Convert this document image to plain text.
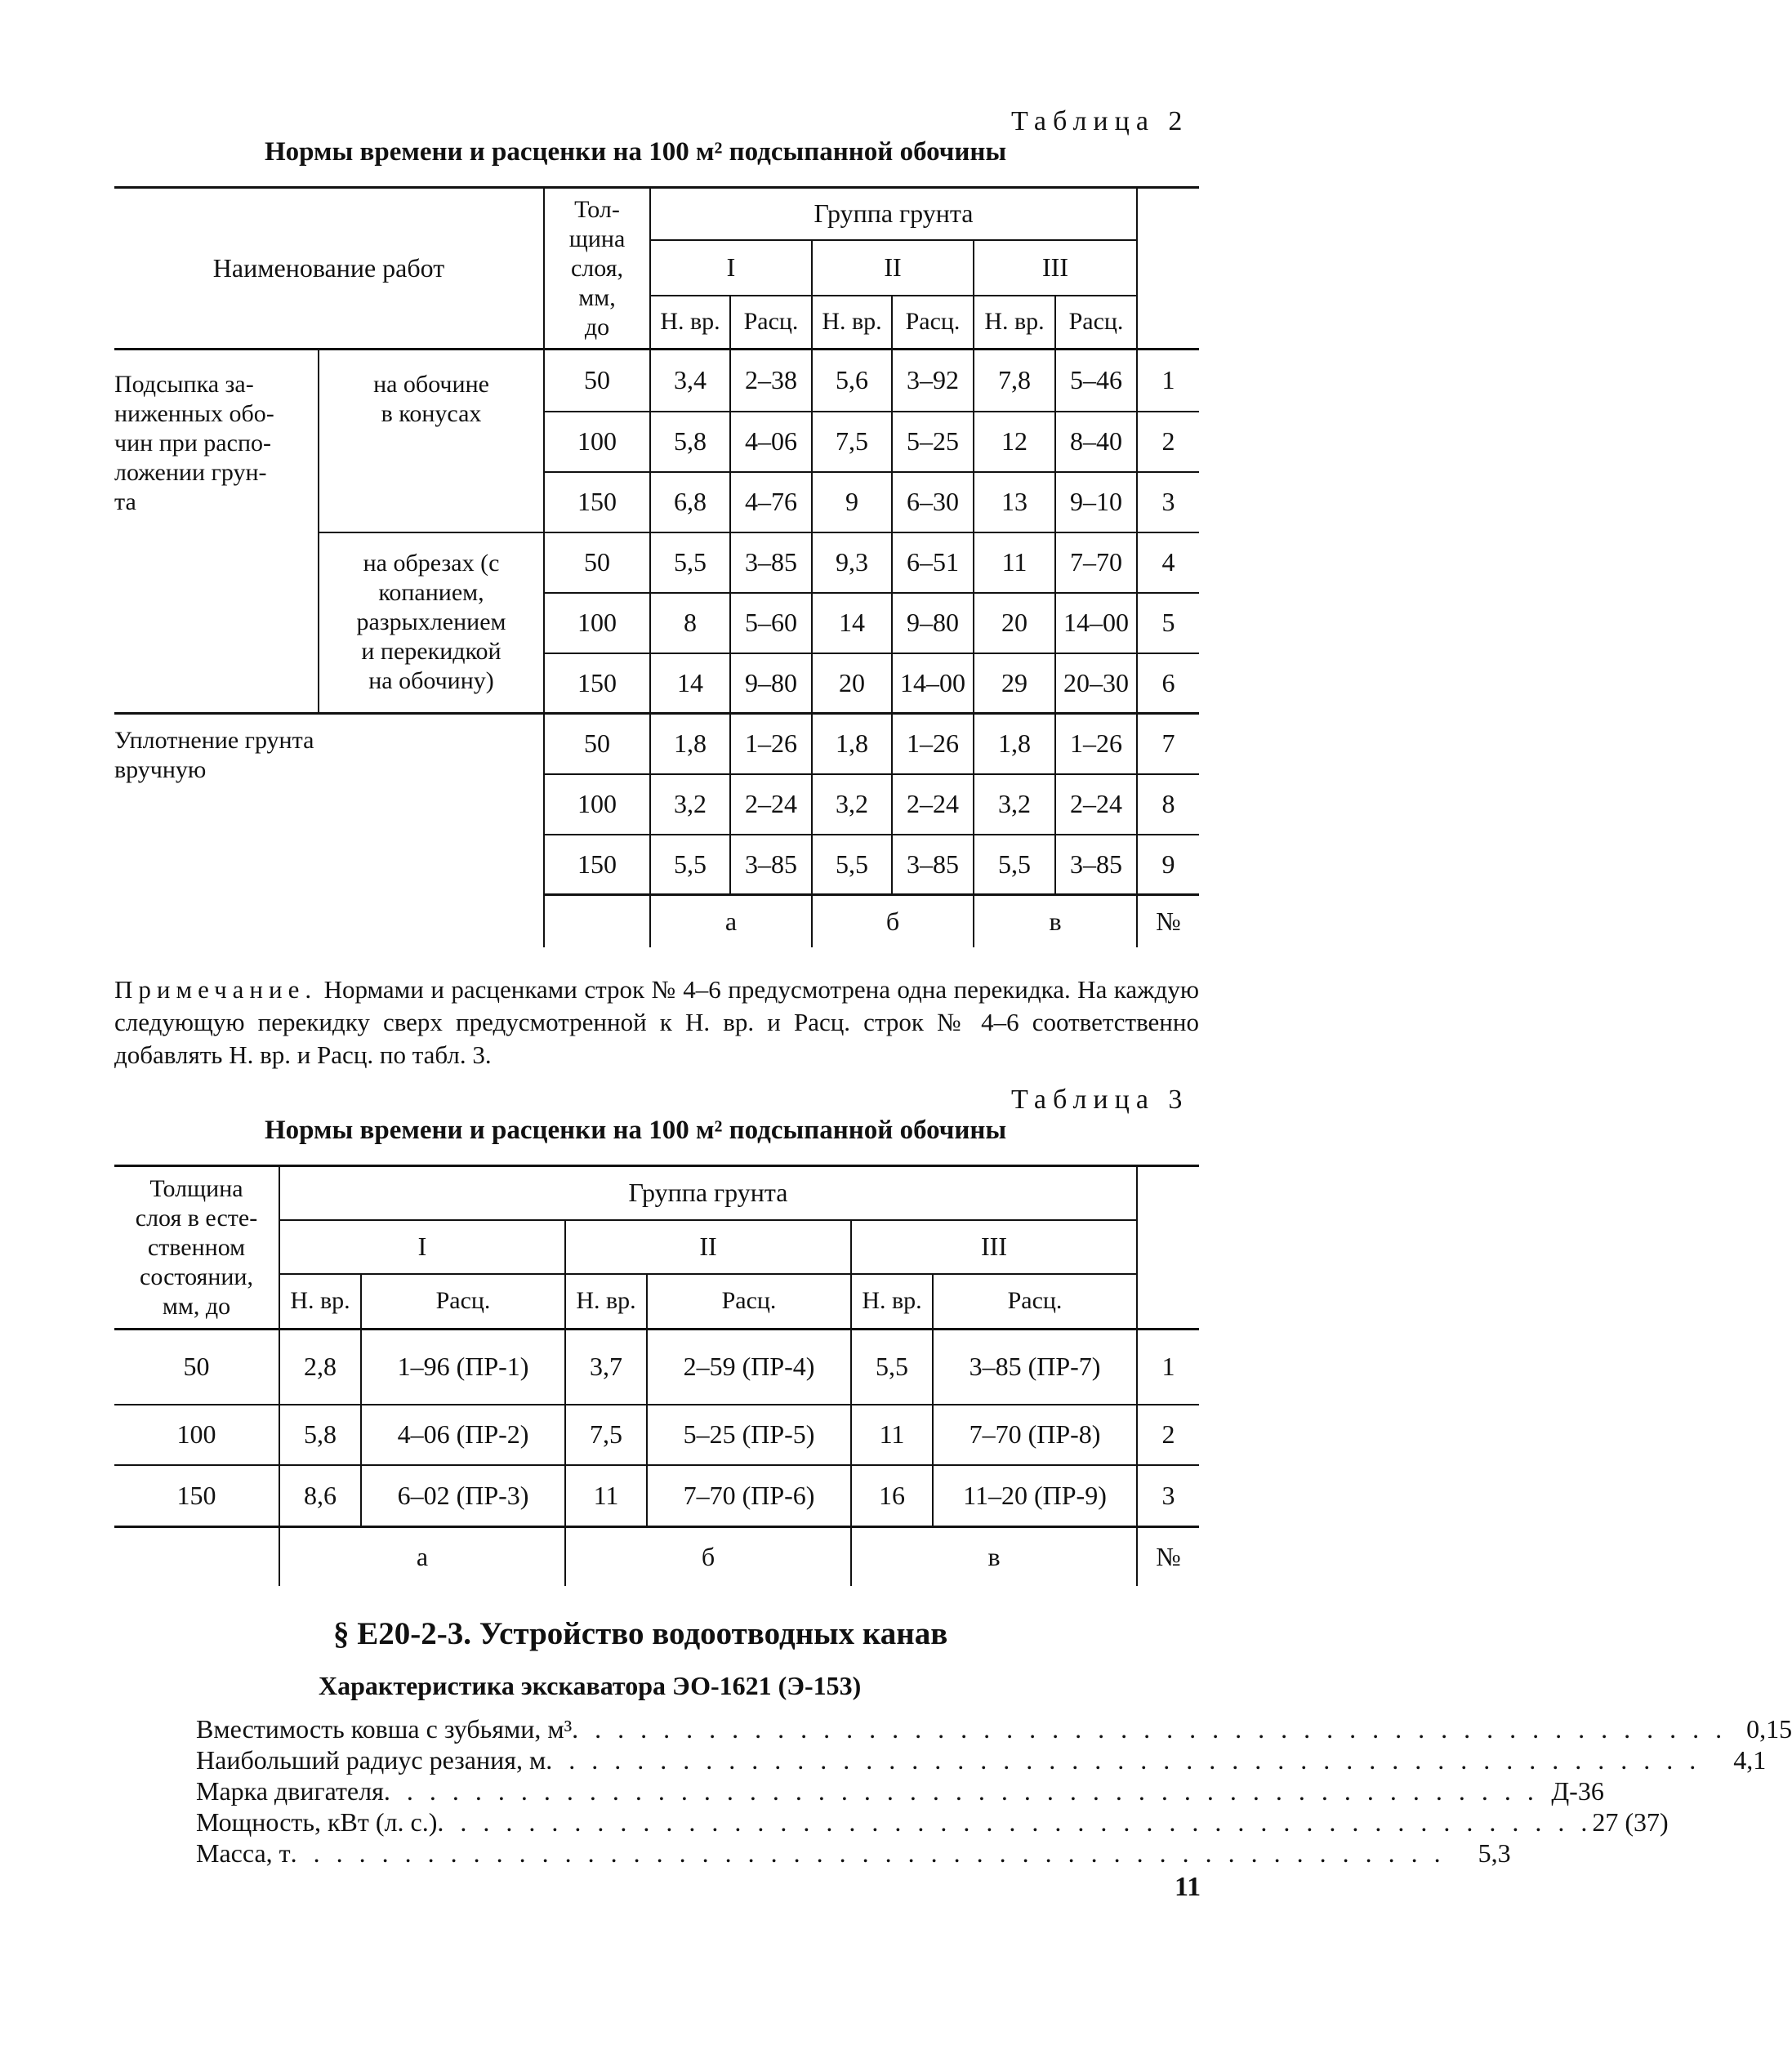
Таблица 2
Нормы времени и расценки на 100 м² подсыпанной обочины
Наименование работ		Тол-
щина
слоя,
мм,
до	Группа грунта						
			I		II		III		
			Н. вр.	Расц.	Н. вр.	Расц.	Н. вр.	Расц.	
Подсыпка за-
ниженных обо-
чин при распо-
ложении грун-
та	на обочине
в конусах	50	3,4	2–38	5,6	3–92	7,8	5–46	1
		100	5,8	4–06	7,5	5–25	12	8–40	2
		150	6,8	4–76	9	6–30	13	9–10	3
	на обрезах (с
копанием,
разрыхлением
и перекидкой
на обочину)	50	5,5	3–85	9,3	6–51	11	7–70	4
		100	8	5–60	14	9–80	20	14–00	5
		150	14	9–80	20	14–00	29	20–30	6
Уплотнение грунта
вручную		50	1,8	1–26	1,8	1–26	1,8	1–26	7
		100	3,2	2–24	3,2	2–24	3,2	2–24	8
		150	5,5	3–85	5,5	3–85	5,5	3–85	9
			а		б		в		№
Примечание. Нормами и расценками строк № 4–6 предусмотрена одна перекидка. На каждую следующую перекидку сверх предусмотренной к Н. вр. и Расц. строк № 4–6 соответственно добавлять Н. вр. и Расц. по табл. 3.
Таблица 3
Нормы времени и расценки на 100 м² подсыпанной обочины
Толщина
слоя в есте-
ственном
состоянии,
мм, до	Группа грунта						
	I		II		III		
	Н. вр.	Расц.	Н. вр.	Расц.	Н. вр.	Расц.	
50	2,8	1–96 (ПР-1)	3,7	2–59 (ПР-4)	5,5	3–85 (ПР-7)	1
100	5,8	4–06 (ПР-2)	7,5	5–25 (ПР-5)	11	7–70 (ПР-8)	2
150	8,6	6–02 (ПР-3)	11	7–70 (ПР-6)	16	11–20 (ПР-9)	3
	а		б		в		№
§ Е20-2-3. Устройство водоотводных канав
Характеристика экскаватора ЭО-1621 (Э-153)
Вместимость ковша с зубьями, м³ . . . . . . . . . . . . . . . . . . . . . . . . . . . . . . . . . . . . . . . . . . . . . . . . . . . 0,15
Наибольший радиус резания, м . . . . . . . . . . . . . . . . . . . . . . . . . . . . . . . . . . . . . . . . . . . . . . . . . . .	4,1
Марка двигателя . . . . . . . . . . . . . . . . . . . . . . . . . . . . . . . . . . . . . . . . . . . . . . . . . . . Д-36
Мощность, кВт (л. с.) . . . . . . . . . . . . . . . . . . . . . . . . . . . . . . . . . . . . . . . . . . . . . . . . . . . 27 (37)
Масса, т . . . . . . . . . . . . . . . . . . . . . . . . . . . . . . . . . . . . . . . . . . . . . . . . . . .	5,3
11
